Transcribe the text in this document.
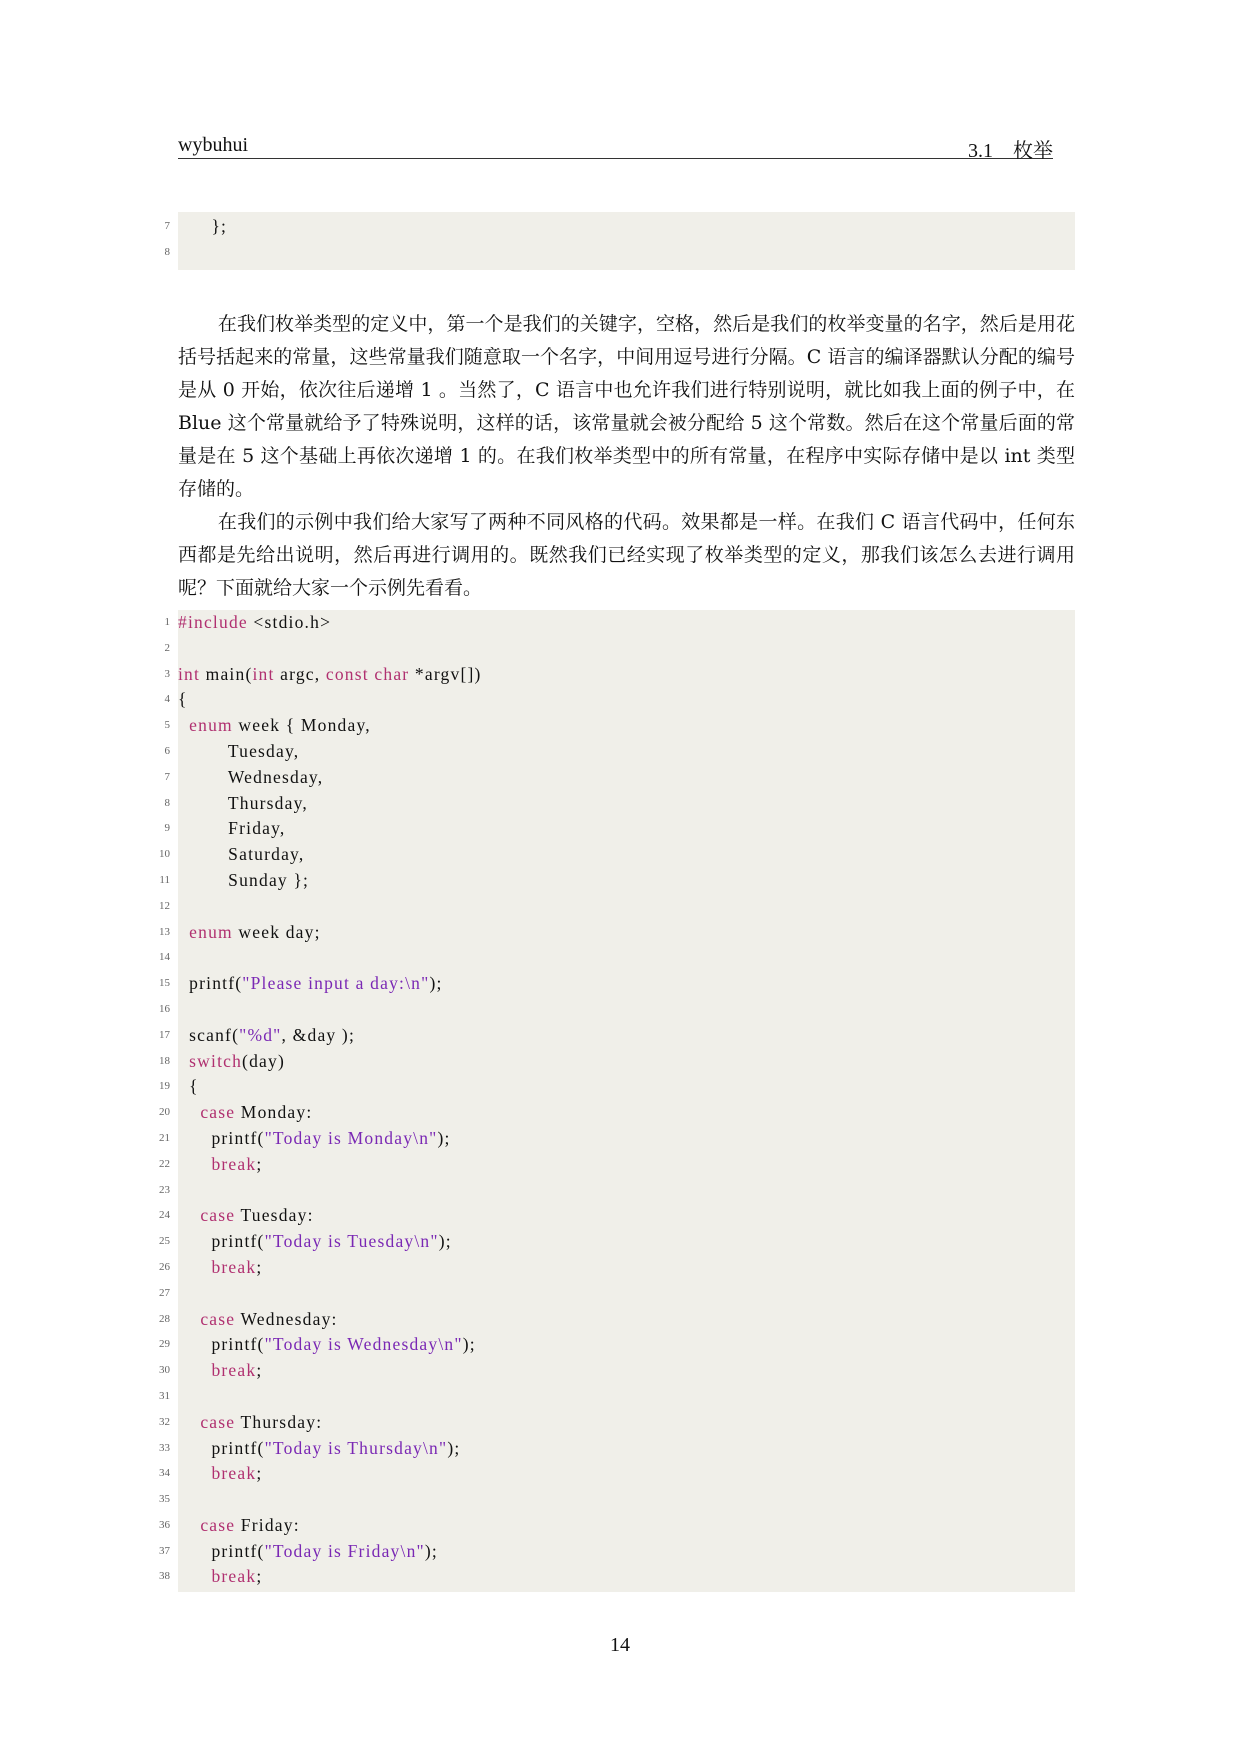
wybuhui	3.1 枚举
7 };
8

在我们枚举类型的定义中，第一个是我们的关键字，空格，然后是我们的枚举变量的名字，然后是用花括号括起来的常量，这些常量我们随意取一个名字，中间用逗号进行分隔。C 语言的编译器默认分配的编号是从 0 开始，依次往后递增 1 。当然了，C 语言中也允许我们进行特别说明，就比如我上面的例子中，在 Blue 这个常量就给予了特殊说明，这样的话，该常量就会被分配给 5 这个常数。然后在这个常量后面的常量是在 5 这个基础上再依次递增 1 的。在我们枚举类型中的所有常量，在程序中实际存储中是以 int 类型存储的。

在我们的示例中我们给大家写了两种不同风格的代码。效果都是一样。在我们 C 语言代码中，任何东西都是先给出说明，然后再进行调用的。既然我们已经实现了枚举类型的定义，那我们该怎么去进行调用呢？下面就给大家一个示例先看看。

1 #include <stdio.h>
2
3 int main(int argc, const char *argv[])
4 {
5	enum week { Monday,
6 Tuesday,
7 Wednesday,
8 Thursday,
9 Friday,
10 Saturday,
11 Sunday };
12
13	enum week day;
14
15 printf("Please input a day:\n");
16
17 scanf("%d", &day );
18	switch(day)
19 {
20	case Monday:
21 printf("Today is Monday\n");
22	break;
23
24	case Tuesday:
25 printf("Today is Tuesday\n");
26	break;
27
28	case Wednesday:
29 printf("Today is Wednesday\n");
30	break;
31
32	case Thursday:
33 printf("Today is Thursday\n");
34	break;
35
36	case Friday:
37 printf("Today is Friday\n");
38	break;
14
